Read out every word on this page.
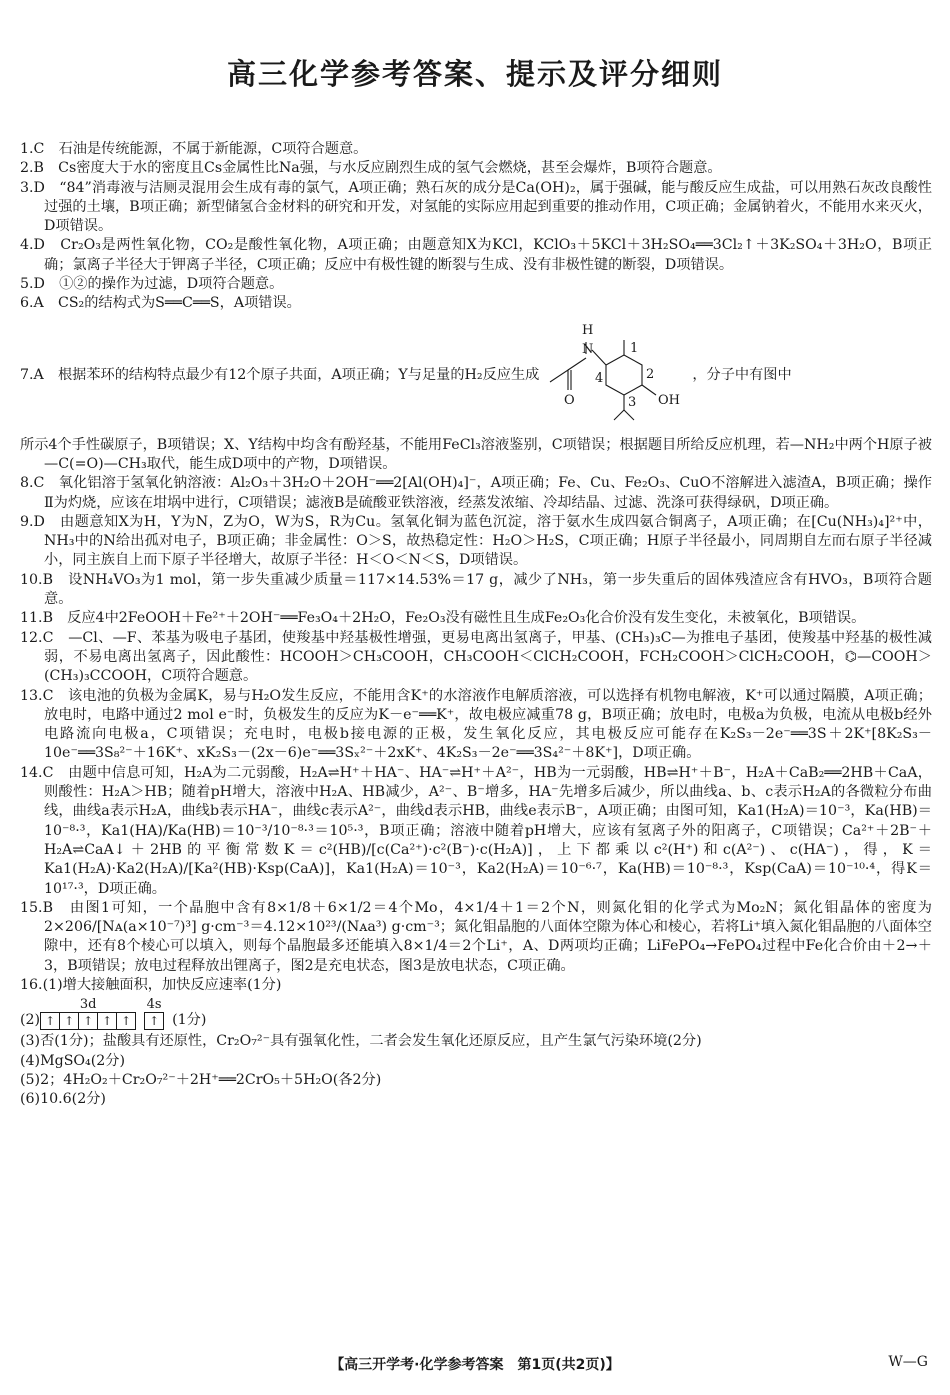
高三化学参考答案、提示及评分细则

1.C　石油是传统能源，不属于新能源，C项符合题意。

2.B　Cs密度大于水的密度且Cs金属性比Na强，与水反应剧烈生成的氢气会燃烧，甚至会爆炸，B项符合题意。

3.D　“84”消毒液与洁厕灵混用会生成有毒的氯气，A项正确；熟石灰的成分是Ca(OH)₂，属于强碱，能与酸反应生成盐，可以用熟石灰改良酸性过强的土壤，B项正确；新型储氢合金材料的研究和开发，对氢能的实际应用起到重要的推动作用，C项正确；金属钠着火，不能用水来灭火，D项错误。

4.D　Cr₂O₃是两性氧化物，CO₂是酸性氧化物，A项正确；由题意知X为KCl，KClO₃＋5KCl＋3H₂SO₄══3Cl₂↑＋3K₂SO₄＋3H₂O，B项正确；氯离子半径大于钾离子半径，C项正确；反应中有极性键的断裂与生成、没有非极性键的断裂，D项错误。

5.D　①②的操作为过滤，D项符合题意。

6.A　CS₂的结构式为S══C══S，A项错误。

7.A　根据苯环的结构特点最少有12个原子共面，A项正确；Y与足量的H₂反应生成
H
N
O
1
2
3
4
OH
，分子中有图中

所示4个手性碳原子，B项错误；X、Y结构中均含有酚羟基，不能用FeCl₃溶液鉴别，C项错误；根据题目所给反应机理，若—NH₂中两个H原子被—C(=O)—CH₃取代，能生成D项中的产物，D项错误。

8.C　氧化铝溶于氢氧化钠溶液：Al₂O₃＋3H₂O＋2OH⁻══2[Al(OH)₄]⁻，A项正确；Fe、Cu、Fe₂O₃、CuO不溶解进入滤渣A，B项正确；操作Ⅱ为灼烧，应该在坩埚中进行，C项错误；滤液B是硫酸亚铁溶液，经蒸发浓缩、冷却结晶、过滤、洗涤可获得绿矾，D项正确。

9.D　由题意知X为H，Y为N，Z为O，W为S，R为Cu。氢氧化铜为蓝色沉淀，溶于氨水生成四氨合铜离子，A项正确；在[Cu(NH₃)₄]²⁺中，NH₃中的N给出孤对电子，B项正确；非金属性：O＞S，故热稳定性：H₂O＞H₂S，C项正确；H原子半径最小，同周期自左而右原子半径减小，同主族自上而下原子半径增大，故原子半径：H＜O＜N＜S，D项错误。

10.B　设NH₄VO₃为1 mol，第一步失重减少质量＝117×14.53%＝17 g，减少了NH₃，第一步失重后的固体残渣应含有HVO₃，B项符合题意。

11.B　反应4中2FeOOH＋Fe²⁺＋2OH⁻══Fe₃O₄＋2H₂O，Fe₂O₃没有磁性且生成Fe₂O₃化合价没有发生变化，未被氧化，B项错误。

12.C　—Cl、—F、苯基为吸电子基团，使羧基中羟基极性增强，更易电离出氢离子，甲基、(CH₃)₃C—为推电子基团，使羧基中羟基的极性减弱，不易电离出氢离子，因此酸性：HCOOH＞CH₃COOH，CH₃COOH＜ClCH₂COOH，FCH₂COOH＞ClCH₂COOH，⌬—COOH＞(CH₃)₃CCOOH，C项符合题意。

13.C　该电池的负极为金属K，易与H₂O发生反应，不能用含K⁺的水溶液作电解质溶液，可以选择有机物电解液，K⁺可以通过隔膜，A项正确；放电时，电路中通过2 mol e⁻时，负极发生的反应为K－e⁻══K⁺，故电极应减重78 g，B项正确；放电时，电极a为负极，电流从电极b经外电路流向电极a，C项错误；充电时，电极b接电源的正极，发生氧化反应，其电极反应可能存在K₂S₃－2e⁻══3S＋2K⁺[8K₂S₃－10e⁻══3S₈²⁻＋16K⁺、xK₂S₃－(2x－6)e⁻══3Sₓ²⁻＋2xK⁺、4K₂S₃－2e⁻══3S₄²⁻＋8K⁺]，D项正确。

14.C　由题中信息可知，H₂A为二元弱酸，H₂A⇌H⁺＋HA⁻、HA⁻⇌H⁺＋A²⁻，HB为一元弱酸，HB⇌H⁺＋B⁻，H₂A＋CaB₂══2HB＋CaA，则酸性：H₂A＞HB；随着pH增大，溶液中H₂A、HB减少，A²⁻、B⁻增多，HA⁻先增多后减少，所以曲线a、b、c表示H₂A的各微粒分布曲线，曲线a表示H₂A，曲线b表示HA⁻，曲线c表示A²⁻，曲线d表示HB，曲线e表示B⁻，A项正确；由图可知，Ka1(H₂A)＝10⁻³，Ka(HB)＝10⁻⁸·³，Ka1(HA)/Ka(HB)＝10⁻³/10⁻⁸·³＝10⁵·³，B项正确；溶液中随着pH增大，应该有氢离子外的阳离子，C项错误；Ca²⁺＋2B⁻＋H₂A⇌CaA↓＋2HB的平衡常数K＝c²(HB)/[c(Ca²⁺)·c²(B⁻)·c(H₂A)]，上下都乘以c²(H⁺)和c(A²⁻)、c(HA⁻)，得，K＝Ka1(H₂A)·Ka2(H₂A)/[Ka²(HB)·Ksp(CaA)]，Ka1(H₂A)＝10⁻³，Ka2(H₂A)＝10⁻⁶·⁷，Ka(HB)＝10⁻⁸·³，Ksp(CaA)＝10⁻¹⁰·⁴，得K＝10¹⁷·³，D项正确。

15.B　由图1可知，一个晶胞中含有8×1/8＋6×1/2＝4个Mo，4×1/4＋1＝2个N，则氮化钼的化学式为Mo₂N；氮化钼晶体的密度为2×206/[Nᴀ(a×10⁻⁷)³] g·cm⁻³＝4.12×10²³/(Nᴀa³) g·cm⁻³；氮化钼晶胞的八面体空隙为体心和棱心，若将Li⁺填入氮化钼晶胞的八面体空隙中，还有8个棱心可以填入，则每个晶胞最多还能填入8×1/4＝2个Li⁺，A、D两项均正确；LiFePO₄→FePO₄过程中Fe化合价由＋2→＋3，B项错误；放电过程释放出锂离子，图2是充电状态，图3是放电状态，C项正确。

16.(1)增大接触面积，加快反应速率(1分)

(2)
3d
↑ ↑ ↑ ↑ ↑
4s
↑ (1分)

(3)否(1分)；盐酸具有还原性，Cr₂O₇²⁻具有强氧化性，二者会发生氧化还原反应，且产生氯气污染环境(2分)

(4)MgSO₄(2分)

(5)2；4H₂O₂＋Cr₂O₇²⁻＋2H⁺══2CrO₅＋5H₂O(各2分)

(6)10.6(2分)

【高三开学考·化学参考答案　第1页(共2页)】	W—G
